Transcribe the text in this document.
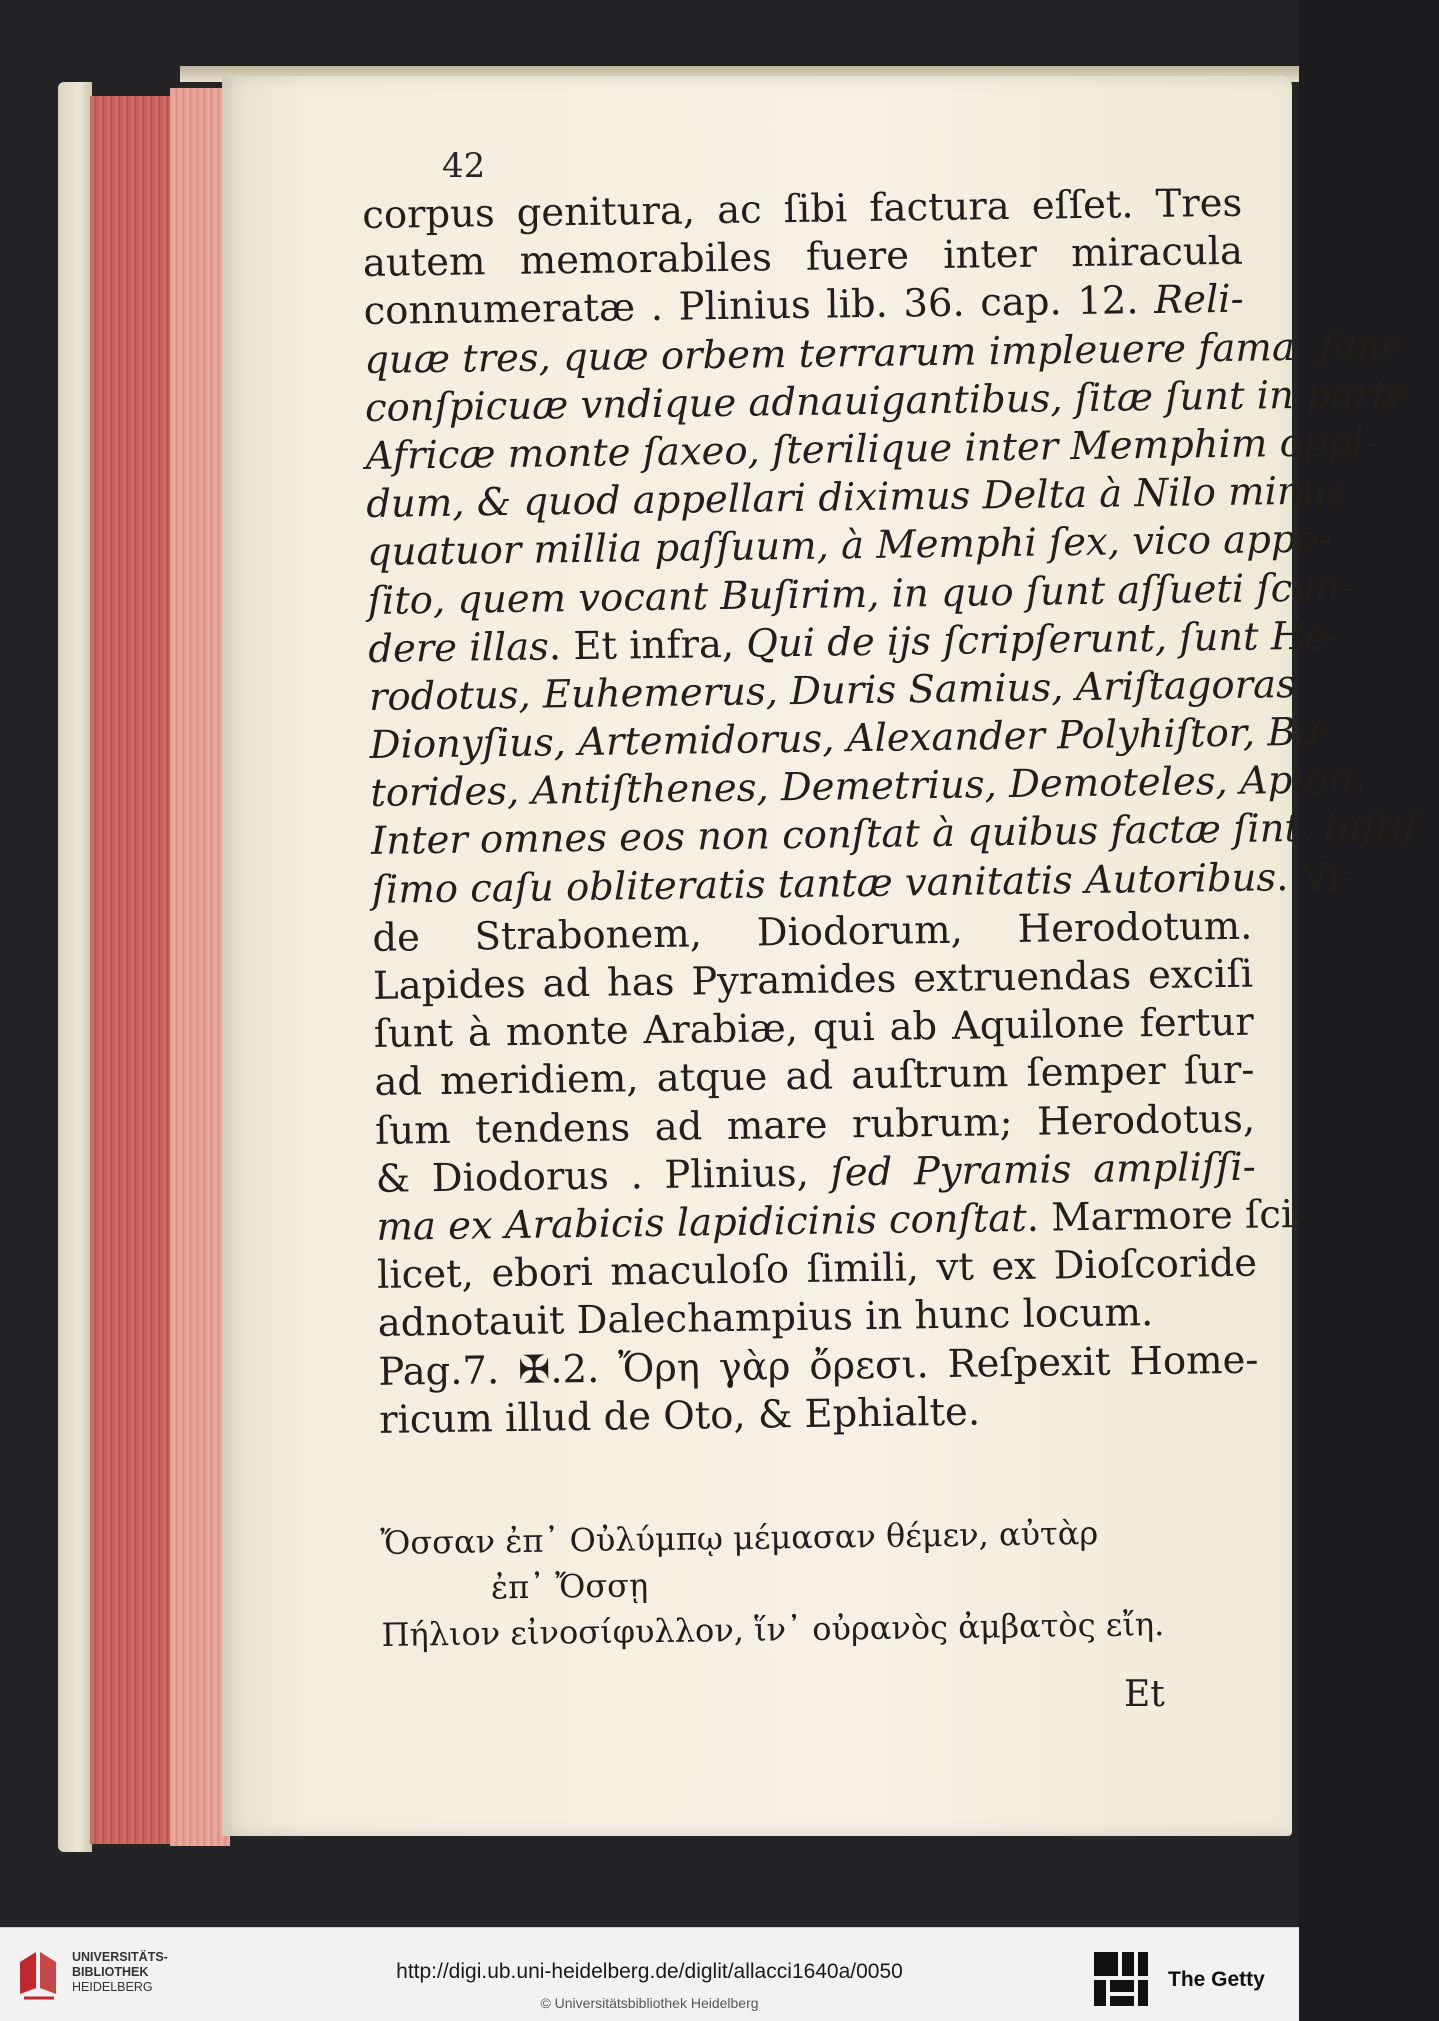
42
corpus genitura, ac ſibi factura eſſet. Tres
autem memorabiles fuere inter miracula
connumeratæ . Plinius lib. 36. cap. 12. Reli-
quæ tres, quæ orbem terrarum impleuere fama, ſanè
conſpicuæ vndique adnauigantibus, ſitæ ſunt in parte
Africæ monte ſaxeo, ſterilique inter Memphim oppi-
dum, & quod appellari diximus Delta à Nilo minus
quatuor millia paſſuum, à Memphi ſex, vico appo-
ſito, quem vocant Buſirim, in quo ſunt aſſueti ſcan-
dere illas. Et infra, Qui de ijs ſcripſerunt, ſunt He-
rodotus, Euhemerus, Duris Samius, Ariſtagoras,
Dionyſius, Artemidorus, Alexander Polyhiſtor, Bu-
torides, Antiſthenes, Demetrius, Demoteles, Apion.
Inter omnes eos non conſtat à quibus factæ ſint, iuſtiſ-
ſimo caſu obliteratis tantæ vanitatis Autoribus. Vi-
de Strabonem, Diodorum, Herodotum.
Lapides ad has Pyramides extruendas exciſi
ſunt à monte Arabiæ, qui ab Aquilone fertur
ad meridiem, atque ad auſtrum ſemper ſur-
ſum tendens ad mare rubrum; Herodotus,
& Diodorus . Plinius, ſed Pyramis ampliſſi-
ma ex Arabicis lapidicinis conſtat. Marmore ſci-
licet, ebori maculoſo ſimili, vt ex Dioſcoride
adnotauit Dalechampius in hunc locum.
Pag.7. ✠.2. Ὄρη γὰρ ὄρεσι. Reſpexit Home-
ricum illud de Oto, & Ephialte.
Ὄσσαν ἐπ᾽ Οὐλύμπῳ μέμασαν θέμεν, αὐτὰρ
ἐπ᾽ Ὄσσῃ
Πήλιον εἰνοσίφυλλον, ἵν᾽ οὐρανὸς ἀμβατὸς εἴη.
Et
UNIVERSITÄTS-
BIBLIOTHEK
HEIDELBERG
http://digi.ub.uni-heidelberg.de/diglit/allacci1640a/0050
© Universitätsbibliothek Heidelberg
The Getty
